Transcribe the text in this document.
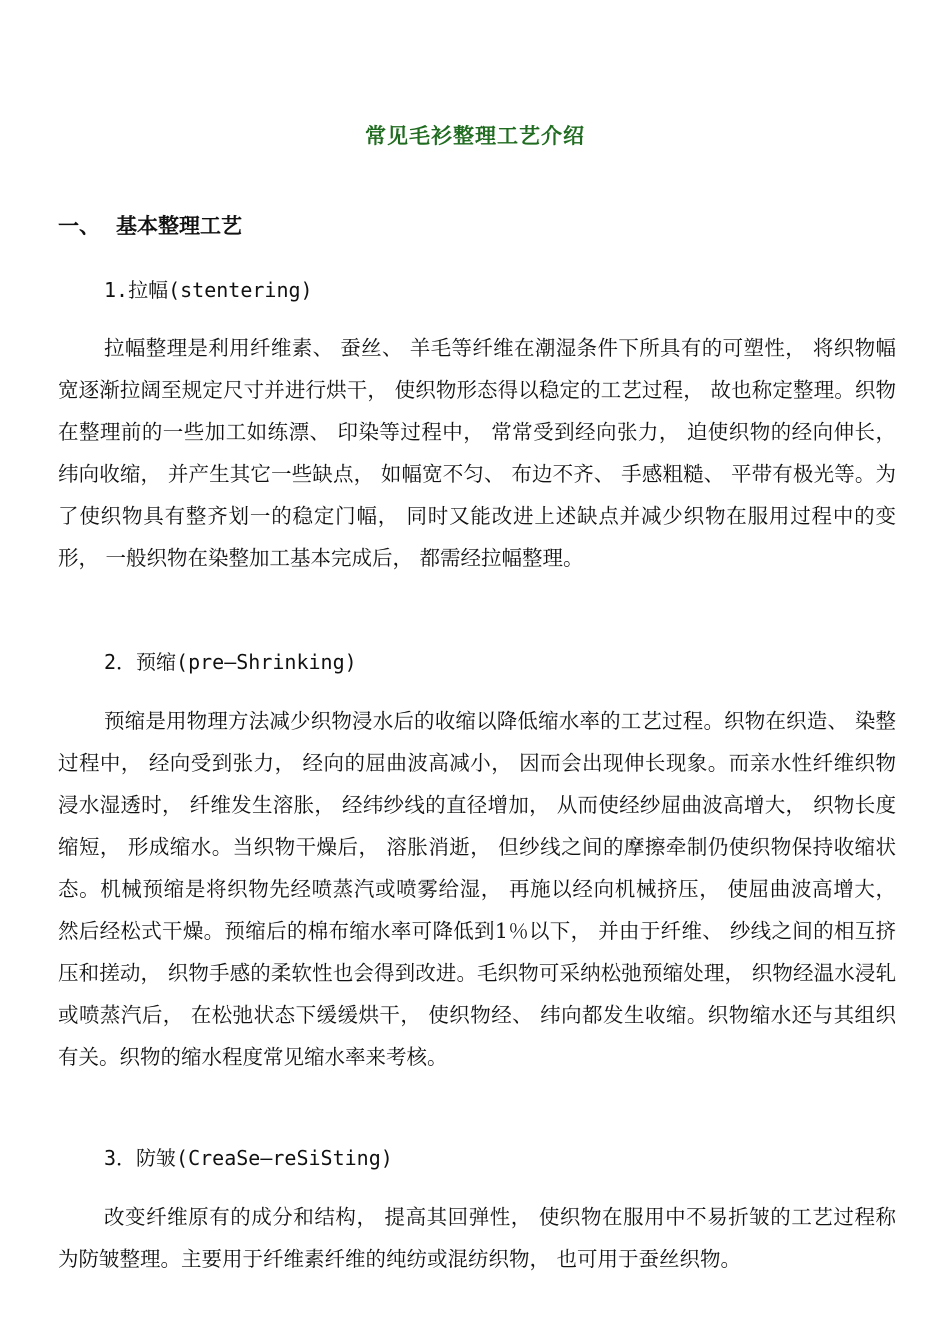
常见毛衫整理工艺介绍
一、 基本整理工艺
1.拉幅(stentering)
拉幅整理是利用纤维素、 蚕丝、 羊毛等纤维在潮湿条件下所具有的可塑性， 将织物幅宽逐渐拉阔至规定尺寸并进行烘干， 使织物形态得以稳定的工艺过程， 故也称定整理。织物在整理前的一些加工如练漂、 印染等过程中， 常常受到经向张力， 迫使织物的经向伸长， 纬向收缩， 并产生其它一些缺点， 如幅宽不匀、 布边不齐、 手感粗糙、 平带有极光等。为了使织物具有整齐划一的稳定门幅， 同时又能改进上述缺点并减少织物在服用过程中的变形， 一般织物在染整加工基本完成后， 都需经拉幅整理。
2．预缩(pre—Shrinking)
预缩是用物理方法减少织物浸水后的收缩以降低缩水率的工艺过程。织物在织造、 染整过程中， 经向受到张力， 经向的屈曲波高减小， 因而会出现伸长现象。而亲水性纤维织物浸水湿透时， 纤维发生溶胀， 经纬纱线的直径增加， 从而使经纱屈曲波高增大， 织物长度缩短， 形成缩水。当织物干燥后， 溶胀消逝， 但纱线之间的摩擦牵制仍使织物保持收缩状态。机械预缩是将织物先经喷蒸汽或喷雾给湿， 再施以经向机械挤压， 使屈曲波高增大， 然后经松式干燥。预缩后的棉布缩水率可降低到1％以下， 并由于纤维、 纱线之间的相互挤压和搓动， 织物手感的柔软性也会得到改进。毛织物可采纳松弛预缩处理， 织物经温水浸轧或喷蒸汽后， 在松弛状态下缓缓烘干， 使织物经、 纬向都发生收缩。织物缩水还与其组织有关。织物的缩水程度常见缩水率来考核。
3．防皱(CreaSe—reSiSting)
改变纤维原有的成分和结构， 提高其回弹性， 使织物在服用中不易折皱的工艺过程称为防皱整理。主要用于纤维素纤维的纯纺或混纺织物， 也可用于蚕丝织物。
